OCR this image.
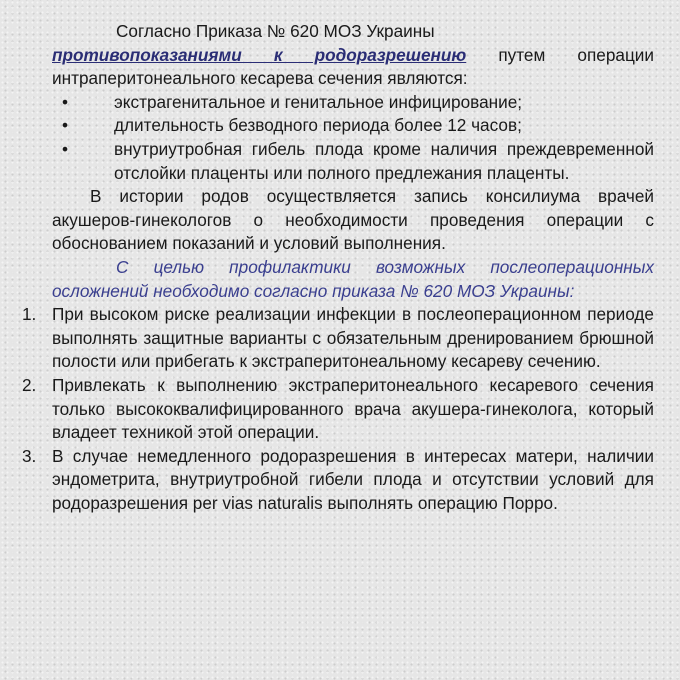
Согласно Приказа № 620 МОЗ Украины
противопоказаниями к родоразрешению путем операции интраперитонеального кесарева сечения являются:

•	экстрагенитальное и генитальное инфицирование;
•	длительность безводного периода более 12 часов;
•	внутриутробная гибель плода кроме наличия преждевременной отслойки плаценты или полного предлежания плаценты.

В истории родов осуществляется запись консилиума врачей акушеров-гинекологов о необходимости проведения операции с обоснованием показаний и условий выполнения.

С целью профилактики возможных послеоперационных осложнений необходимо согласно приказа № 620 МОЗ Украины:

1. При высоком риске реализации инфекции в послеоперационном периоде выполнять защитные варианты с обязательным дренированием брюшной полости или прибегать к экстраперитонеальному кесареву сечению.
2. Привлекать к выполнению экстраперитонеального кесаревого сечения только высококвалифицированного врача акушера-гинеколога, который владеет техникой этой операции.
3. В случае немедленного родоразрешения в интересах матери, наличии эндометрита, внутриутробной гибели плода и отсутствии условий для родоразрешения per vias naturalis выполнять операцию Порро.
